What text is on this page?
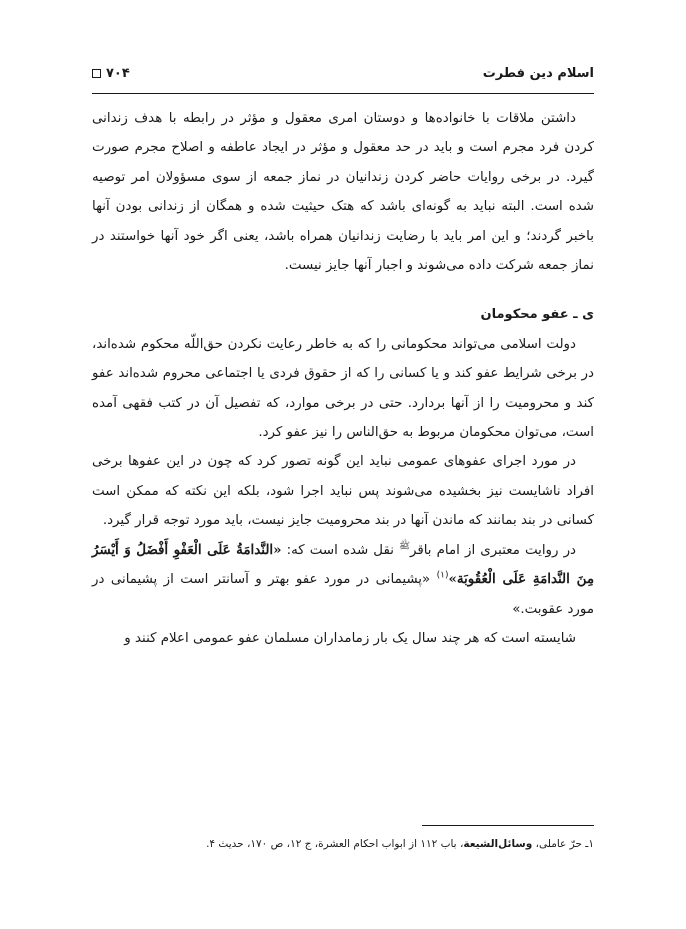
اسلام دین فطرت
۷۰۴

داشتن ملاقات با خانواده‌ها و دوستان امری معقول و مؤثر در رابطه با هدف زندانی کردن فرد مجرم است و باید در حد معقول و مؤثر در ایجاد عاطفه و اصلاح مجرم صورت گیرد. در برخی روایات حاضر کردن زندانیان در نماز جمعه از سوی مسؤولان امر توصیه شده است. البته نباید به گونه‌ای باشد که هتک حیثیت شده و همگان از زندانی بودن آنها باخبر گردند؛ و این امر باید با رضایت زندانیان همراه باشد، یعنی اگر خود آنها خواستند در نماز جمعه شرکت داده می‌شوند و اجبار آنها جایز نیست.

ی ـ عفو محکومان

دولت اسلامی می‌تواند محکومانی را که به خاطر رعایت نکردن حق‌اللّه محکوم شده‌اند، در برخی شرایط عفو کند و یا کسانی را که از حقوق فردی یا اجتماعی محروم شده‌اند عفو کند و محرومیت را از آنها بردارد. حتی در برخی موارد، که تفصیل آن در کتب فقهی آمده است، می‌توان محکومان مربوط به حق‌الناس را نیز عفو کرد.

در مورد اجرای عفوهای عمومی نباید این گونه تصور کرد که چون در این عفوها برخی افراد ناشایست نیز بخشیده می‌شوند پس نباید اجرا شود، بلکه این نکته که ممکن است کسانی در بند بمانند که ماندن آنها در بند محرومیت جایز نیست، باید مورد توجه قرار گیرد.

در روایت معتبری از امام باقر$^ﷺ$ نقل شده است که: «النَّدامَةُ عَلَى الْعَفْوِ أَفْضَلُ وَ أَيْسَرُ مِنَ النَّدامَةِ عَلَى الْعُقُوبَة»$^{(۱)}$ «پشیمانی در مورد عفو بهتر و آسانتر است از پشیمانی در مورد عقوبت.»

شایسته است که هر چند سال یک بار زمامداران مسلمان عفو عمومی اعلام کنند و

۱ـ حرّ عاملی، وسائل‌الشیعة، باب ۱۱۲ از ابواب احکام العشرة، ج ۱۲، ص ۱۷۰، حدیث ۴.
